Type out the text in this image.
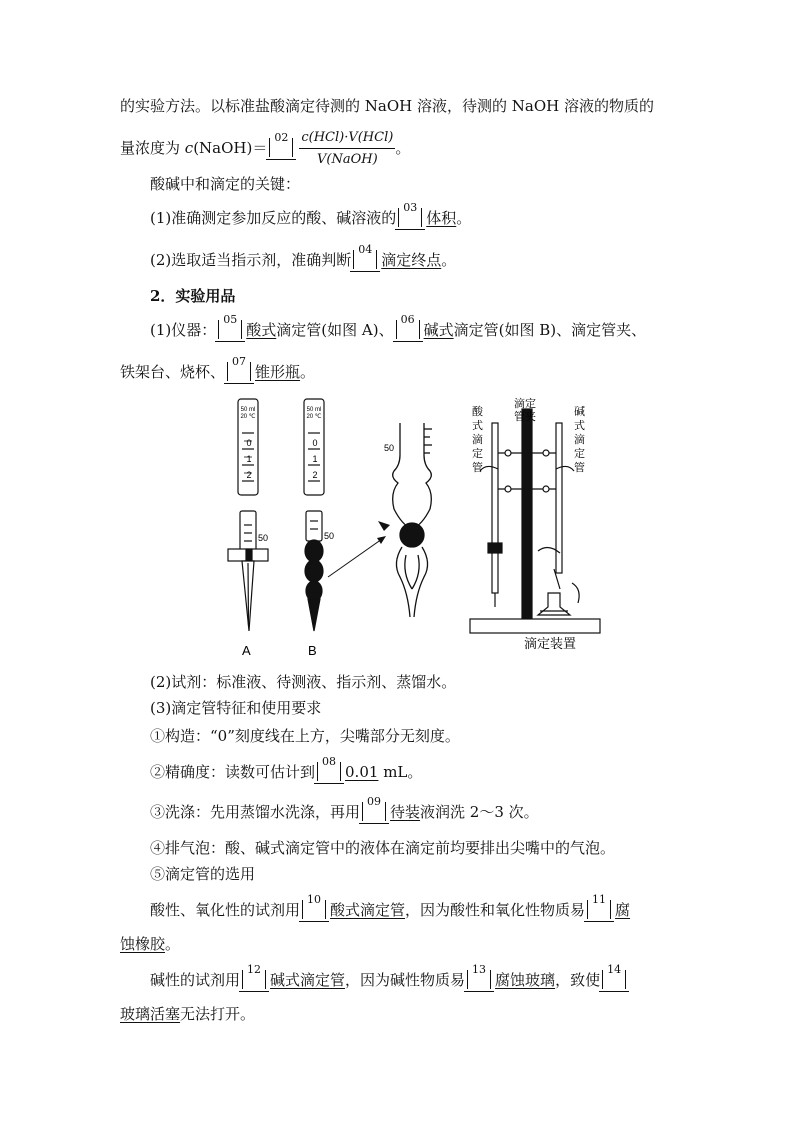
的实验方法。以标准盐酸滴定待测的 NaOH 溶液，待测的 NaOH 溶液的物质的
量浓度为 c(NaOH)＝
$02 \frac{\text{c(HCl)·V(HCl)}}{\text{V(NaOH)}}$ 。
酸碱中和滴定的关键：
(1)准确测定参加反应的酸、碱溶液的
03
体积。
(2)选取适当指示剂，准确判断
04
滴定终点。
2．实验用品
(1)仪器：
05
酸式滴定管(如图 A)、
06
碱式滴定管(如图 B)、滴定管夹、
铁架台、烧杯、
07
锥形瓶。
50 ml
20 ℃
0
1
2
50
A
50 ml
20 ℃
0
1
2
50
B
50
滴定装置
滴定
管夹
酸
式
滴
定
管
碱
式
滴
定
管
(2)试剂：标准液、待测液、指示剂、蒸馏水。
(3)滴定管特征和使用要求
①构造：“0”刻度线在上方，尖嘴部分无刻度。
②精确度：读数可估计到
08
0.01 mL。
③洗涤：先用蒸馏水洗涤，再用
09
待装液润洗 2～3 次。
④排气泡：酸、碱式滴定管中的液体在滴定前均要排出尖嘴中的气泡。
⑤滴定管的选用
酸性、氧化性的试剂用
10
酸式滴定管，因为酸性和氧化性物质易
11
腐
蚀橡胶。
碱性的试剂用
12
碱式滴定管，因为碱性物质易
13
腐蚀玻璃，致使
14
玻璃活塞无法打开。
